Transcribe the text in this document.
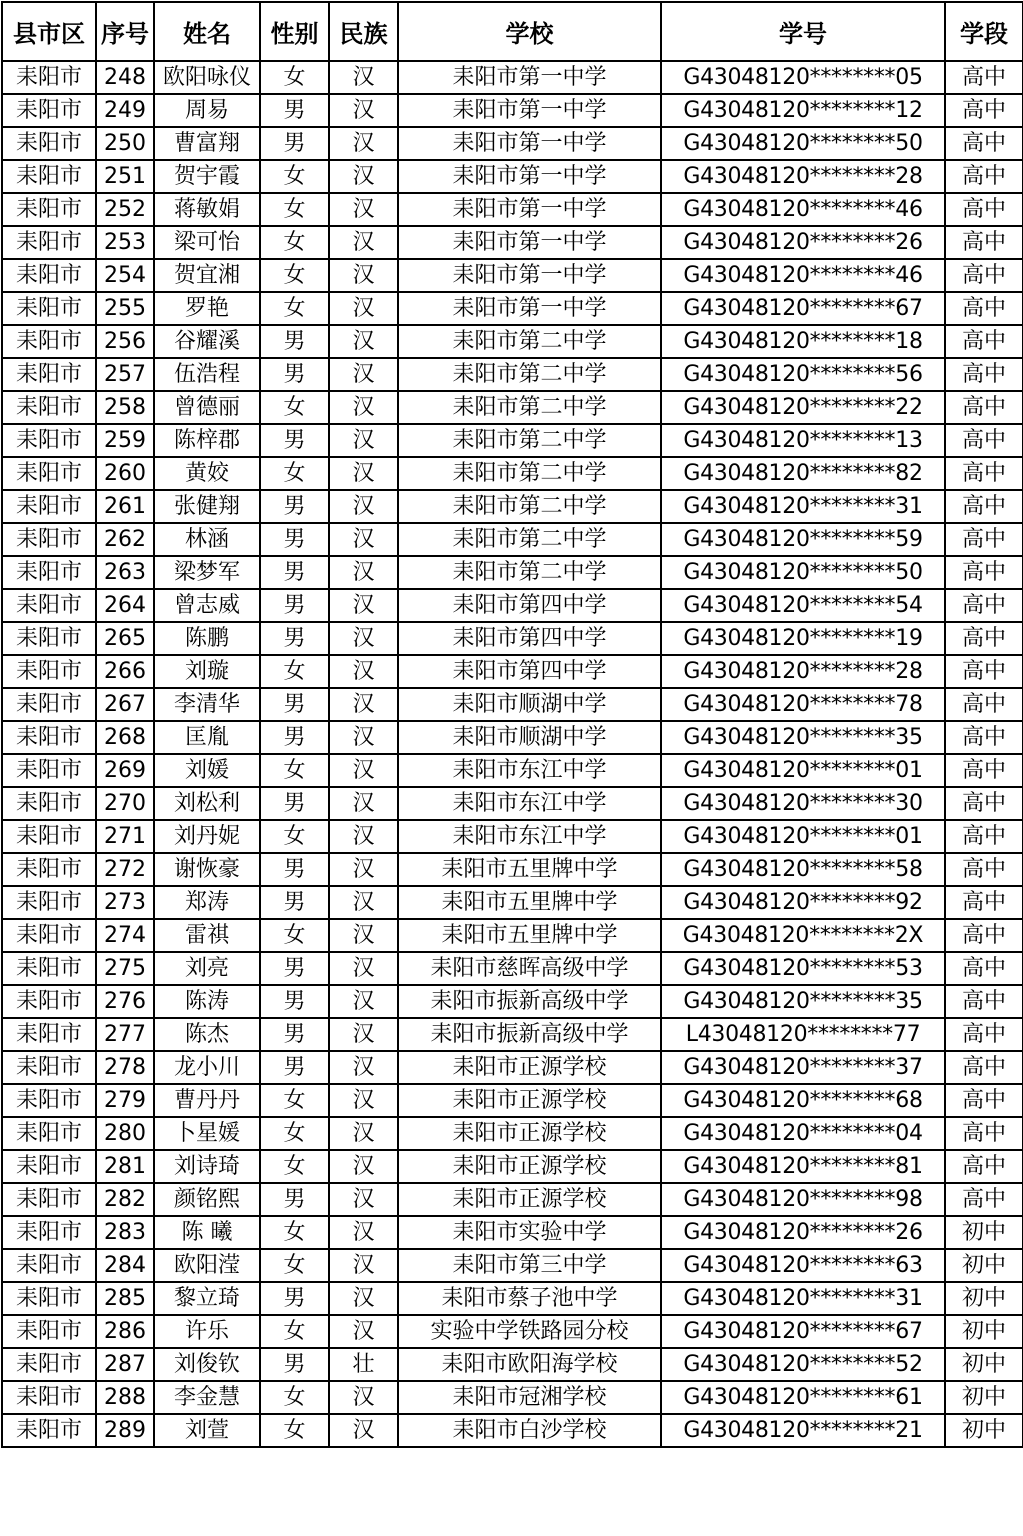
县市区	序号	姓名	性别	民族	学校	学号	学段
耒阳市	248	欧阳咏仪	女	汉	耒阳市第一中学	G43048120********05	高中
耒阳市	249	周易	男	汉	耒阳市第一中学	G43048120********12	高中
耒阳市	250	曹富翔	男	汉	耒阳市第一中学	G43048120********50	高中
耒阳市	251	贺宇霞	女	汉	耒阳市第一中学	G43048120********28	高中
耒阳市	252	蒋敏娟	女	汉	耒阳市第一中学	G43048120********46	高中
耒阳市	253	梁可怡	女	汉	耒阳市第一中学	G43048120********26	高中
耒阳市	254	贺宜湘	女	汉	耒阳市第一中学	G43048120********46	高中
耒阳市	255	罗艳	女	汉	耒阳市第一中学	G43048120********67	高中
耒阳市	256	谷耀溪	男	汉	耒阳市第二中学	G43048120********18	高中
耒阳市	257	伍浩程	男	汉	耒阳市第二中学	G43048120********56	高中
耒阳市	258	曾德丽	女	汉	耒阳市第二中学	G43048120********22	高中
耒阳市	259	陈梓郡	男	汉	耒阳市第二中学	G43048120********13	高中
耒阳市	260	黄姣	女	汉	耒阳市第二中学	G43048120********82	高中
耒阳市	261	张健翔	男	汉	耒阳市第二中学	G43048120********31	高中
耒阳市	262	林涵	男	汉	耒阳市第二中学	G43048120********59	高中
耒阳市	263	梁梦军	男	汉	耒阳市第二中学	G43048120********50	高中
耒阳市	264	曾志威	男	汉	耒阳市第四中学	G43048120********54	高中
耒阳市	265	陈鹏	男	汉	耒阳市第四中学	G43048120********19	高中
耒阳市	266	刘璇	女	汉	耒阳市第四中学	G43048120********28	高中
耒阳市	267	李清华	男	汉	耒阳市顺湖中学	G43048120********78	高中
耒阳市	268	匡胤	男	汉	耒阳市顺湖中学	G43048120********35	高中
耒阳市	269	刘媛	女	汉	耒阳市东江中学	G43048120********01	高中
耒阳市	270	刘松利	男	汉	耒阳市东江中学	G43048120********30	高中
耒阳市	271	刘丹妮	女	汉	耒阳市东江中学	G43048120********01	高中
耒阳市	272	谢恢豪	男	汉	耒阳市五里牌中学	G43048120********58	高中
耒阳市	273	郑涛	男	汉	耒阳市五里牌中学	G43048120********92	高中
耒阳市	274	雷祺	女	汉	耒阳市五里牌中学	G43048120********2X	高中
耒阳市	275	刘亮	男	汉	耒阳市慈晖高级中学	G43048120********53	高中
耒阳市	276	陈涛	男	汉	耒阳市振新高级中学	G43048120********35	高中
耒阳市	277	陈杰	男	汉	耒阳市振新高级中学	L43048120********77	高中
耒阳市	278	龙小川	男	汉	耒阳市正源学校	G43048120********37	高中
耒阳市	279	曹丹丹	女	汉	耒阳市正源学校	G43048120********68	高中
耒阳市	280	卜星媛	女	汉	耒阳市正源学校	G43048120********04	高中
耒阳市	281	刘诗琦	女	汉	耒阳市正源学校	G43048120********81	高中
耒阳市	282	颜铭熙	男	汉	耒阳市正源学校	G43048120********98	高中
耒阳市	283	陈 曦	女	汉	耒阳市实验中学	G43048120********26	初中
耒阳市	284	欧阳滢	女	汉	耒阳市第三中学	G43048120********63	初中
耒阳市	285	黎立琦	男	汉	耒阳市蔡子池中学	G43048120********31	初中
耒阳市	286	许乐	女	汉	实验中学铁路园分校	G43048120********67	初中
耒阳市	287	刘俊钦	男	壮	耒阳市欧阳海学校	G43048120********52	初中
耒阳市	288	李金慧	女	汉	耒阳市冠湘学校	G43048120********61	初中
耒阳市	289	刘萱	女	汉	耒阳市白沙学校	G43048120********21	初中
